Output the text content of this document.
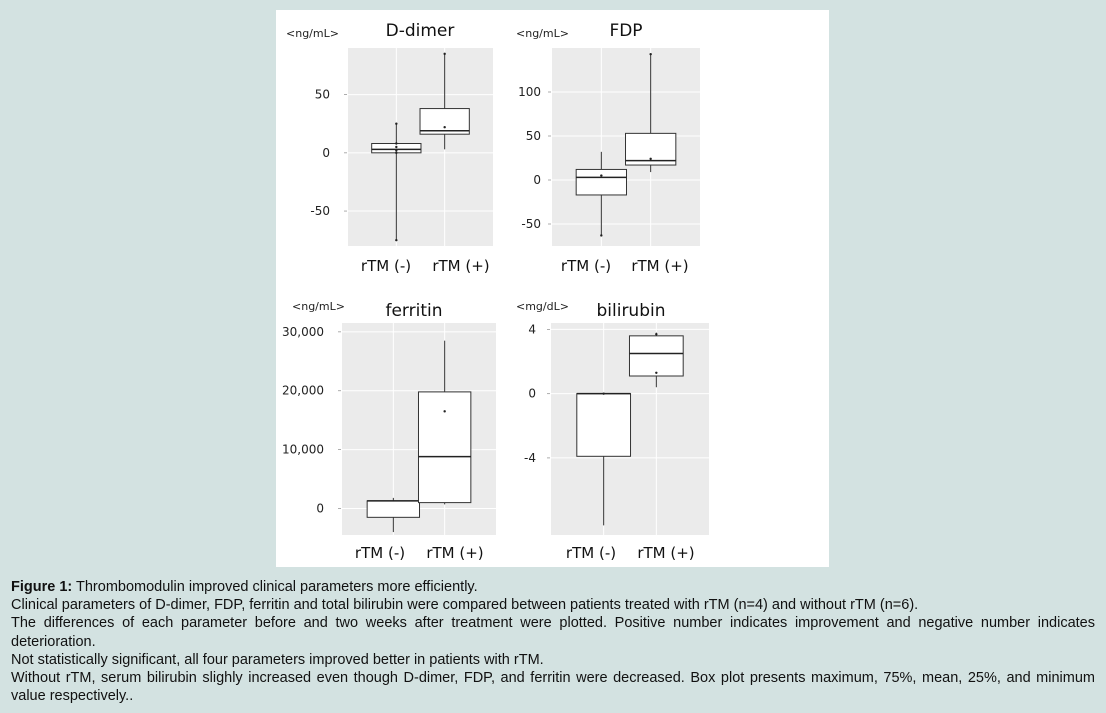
D-dimer
<ng/mL>
50
0
-50
rTM (-) rTM (+)
FDP
<ng/mL>
100
50
0
-50
rTM (-) rTM (+)
ferritin
<ng/mL>
30,000
20,000
10,000
0
rTM (-) rTM (+)
bilirubin
<mg/dL>
4
0
-4
rTM (-) rTM (+)

Figure 1: Thrombomodulin improved clinical parameters more efficiently.

Clinical parameters of D-dimer, FDP, ferritin and total bilirubin were compared between patients treated with rTM (n=4) and without rTM (n=6).

The differences of each parameter before and two weeks after treatment were plotted. Positive number indicates improvement and negative number indicates deterioration.

Not statistically significant, all four parameters improved better in patients with rTM.

Without rTM, serum bilirubin slighly increased even though D-dimer, FDP, and ferritin were decreased. Box plot presents maximum, 75%, mean, 25%, and minimum value respectively..
